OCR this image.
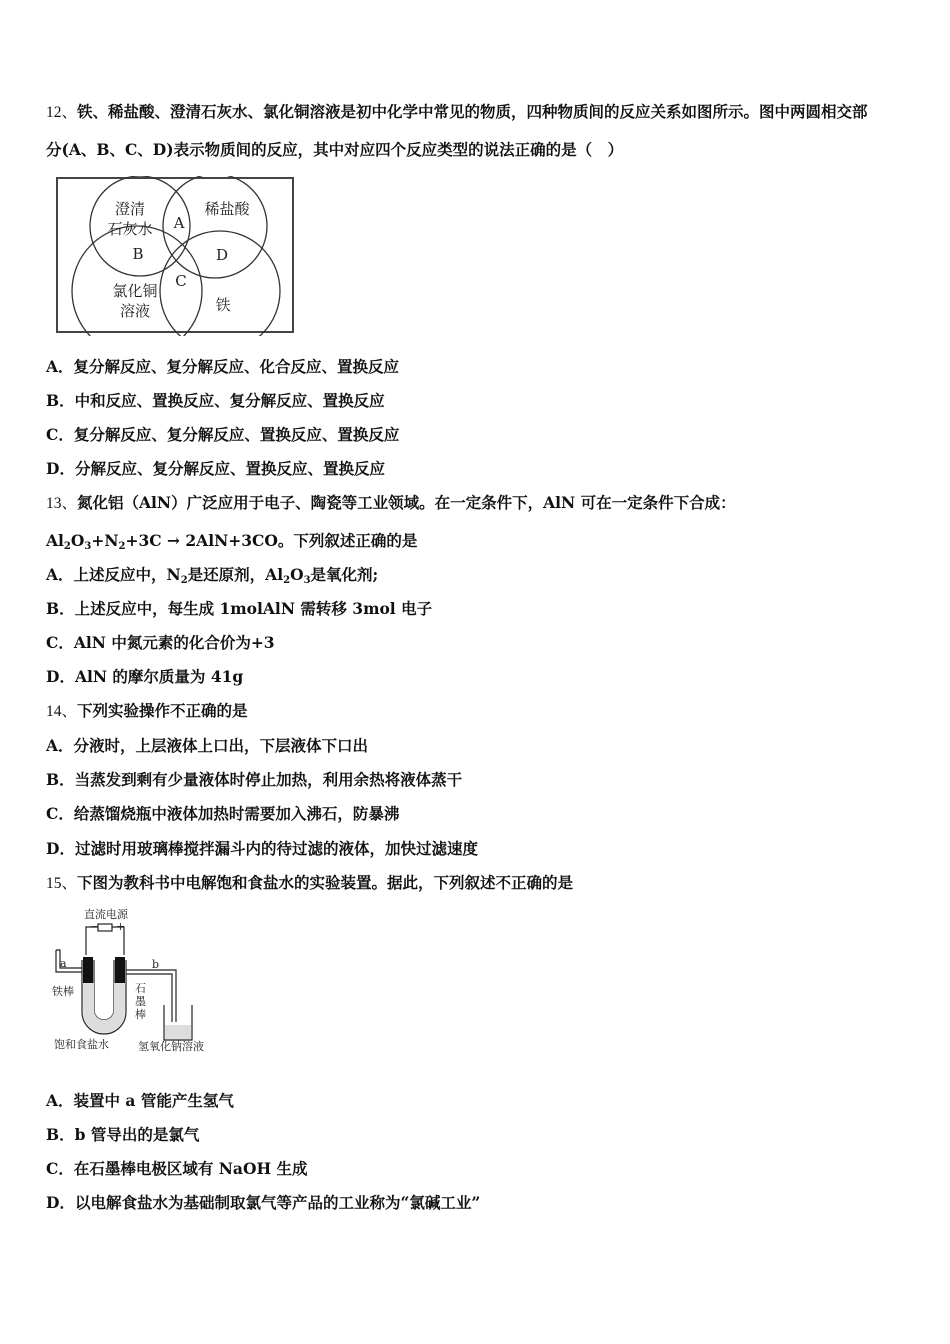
12、铁、稀盐酸、澄清石灰水、氯化铜溶液是初中化学中常见的物质，四种物质间的反应关系如图所示。图中两圆相交部
分(A、B、C、D)表示物质间的反应，其中对应四个反应类型的说法正确的是（　）
澄清
石灰水
稀盐酸
氯化铜
溶液	铁
A
B
C
D
A．复分解反应、复分解反应、化合反应、置换反应
B．中和反应、置换反应、复分解反应、置换反应
C．复分解反应、复分解反应、置换反应、置换反应
D．分解反应、复分解反应、置换反应、置换反应
13、氮化铝（AlN）广泛应用于电子、陶瓷等工业领域。在一定条件下，AlN 可在一定条件下合成：
$Al_2O_3+N_2+3C \to 2AlN+3CO$。下列叙述正确的是
A．上述反应中，$N_2$是还原剂，$Al_2O_3$是氧化剂;
B．上述反应中，每生成 1molAlN 需转移 3mol 电子
C．AlN 中氮元素的化合价为+3
D．AlN 的摩尔质量为 41g
14、下列实验操作不正确的是
A．分液时，上层液体上口出，下层液体下口出
B．当蒸发到剩有少量液体时停止加热，利用余热将液体蒸干
C．给蒸馏烧瓶中液体加热时需要加入沸石，防暴沸
D．过滤时用玻璃棒搅拌漏斗内的待过滤的液体，加快过滤速度
15、下图为教科书中电解饱和食盐水的实验装置。据此，下列叙述不正确的是
直流电源
− +
a	b
铁棒	石
墨
棒
饱和食盐水	氢氧化钠溶液
A．装置中 a 管能产生氢气
B．b 管导出的是氯气
C．在石墨棒电极区域有 NaOH 生成
D．以电解食盐水为基础制取氯气等产品的工业称为“氯碱工业”
